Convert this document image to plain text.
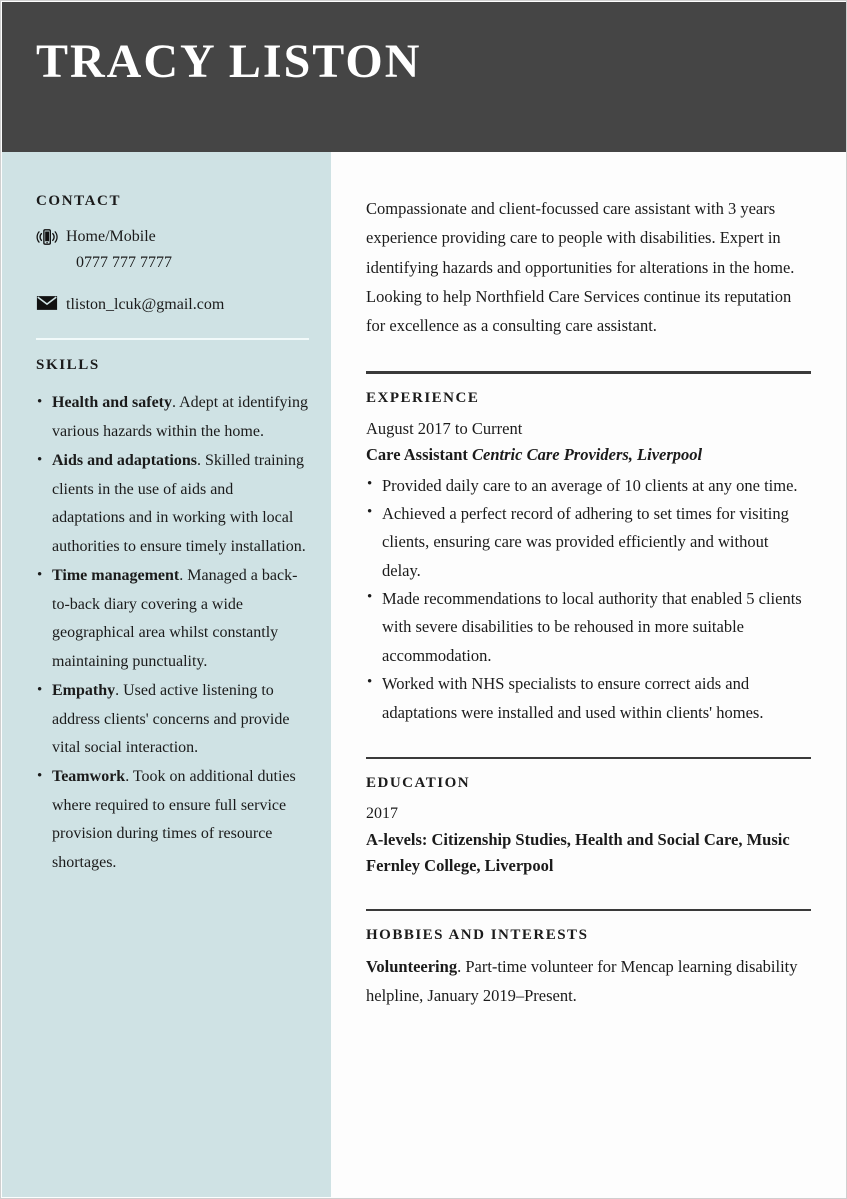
TRACY LISTON
CONTACT
Home/Mobile
0777 777 7777
tliston_lcuk@gmail.com
SKILLS
• Health and safety. Adept at identifying various hazards within the home.
• Aids and adaptations. Skilled training clients in the use of aids and adaptations and in working with local authorities to ensure timely installation.
• Time management. Managed a back-to-back diary covering a wide geographical area whilst constantly maintaining punctuality.
• Empathy. Used active listening to address clients' concerns and provide vital social interaction.
• Teamwork. Took on additional duties where required to ensure full service provision during times of resource shortages.

Compassionate and client-focussed care assistant with 3 years experience providing care to people with disabilities. Expert in identifying hazards and opportunities for alterations in the home. Looking to help Northfield Care Services continue its reputation for excellence as a consulting care assistant.

EXPERIENCE

August 2017 to Current

Care Assistant Centric Care Providers, Liverpool

• Provided daily care to an average of 10 clients at any one time.
• Achieved a perfect record of adhering to set times for visiting clients, ensuring care was provided efficiently and without delay.
• Made recommendations to local authority that enabled 5 clients with severe disabilities to be rehoused in more suitable accommodation.
• Worked with NHS specialists to ensure correct aids and adaptations were installed and used within clients' homes.
EDUCATION

2017

A-levels: Citizenship Studies, Health and Social Care, Music

Fernley College, Liverpool

HOBBIES AND INTERESTS

Volunteering. Part-time volunteer for Mencap learning disability helpline, January 2019–Present.
